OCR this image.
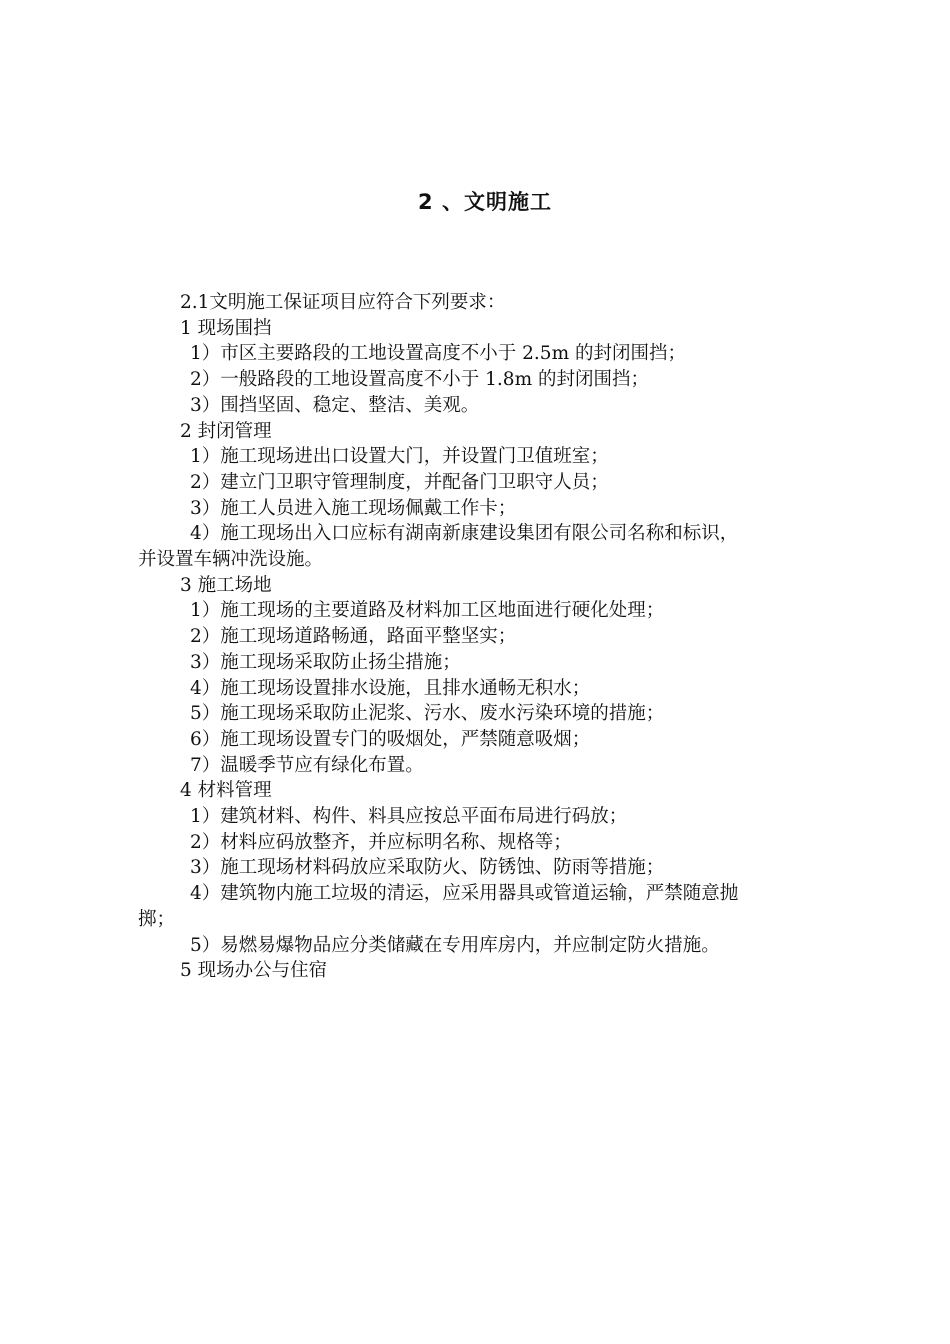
2 、文明施工
2.1文明施工保证项目应符合下列要求：
1 现场围挡
1）市区主要路段的工地设置高度不小于 2.5m 的封闭围挡；
2）一般路段的工地设置高度不小于 1.8m 的封闭围挡；
3）围挡坚固、稳定、整洁、美观。
2 封闭管理
1）施工现场进出口设置大门，并设置门卫值班室；
2）建立门卫职守管理制度，并配备门卫职守人员；
3）施工人员进入施工现场佩戴工作卡；
4）施工现场出入口应标有湖南新康建设集团有限公司名称和标识，
并设置车辆冲洗设施。
3 施工场地
1）施工现场的主要道路及材料加工区地面进行硬化处理；
2）施工现场道路畅通，路面平整坚实；
3）施工现场采取防止扬尘措施；
4）施工现场设置排水设施，且排水通畅无积水；
5）施工现场采取防止泥浆、污水、废水污染环境的措施；
6）施工现场设置专门的吸烟处，严禁随意吸烟；
7）温暖季节应有绿化布置。
4 材料管理
1）建筑材料、构件、料具应按总平面布局进行码放；
2）材料应码放整齐，并应标明名称、规格等；
3）施工现场材料码放应采取防火、防锈蚀、防雨等措施；
4）建筑物内施工垃圾的清运，应采用器具或管道运输，严禁随意抛
掷；
5）易燃易爆物品应分类储藏在专用库房内，并应制定防火措施。
5 现场办公与住宿
